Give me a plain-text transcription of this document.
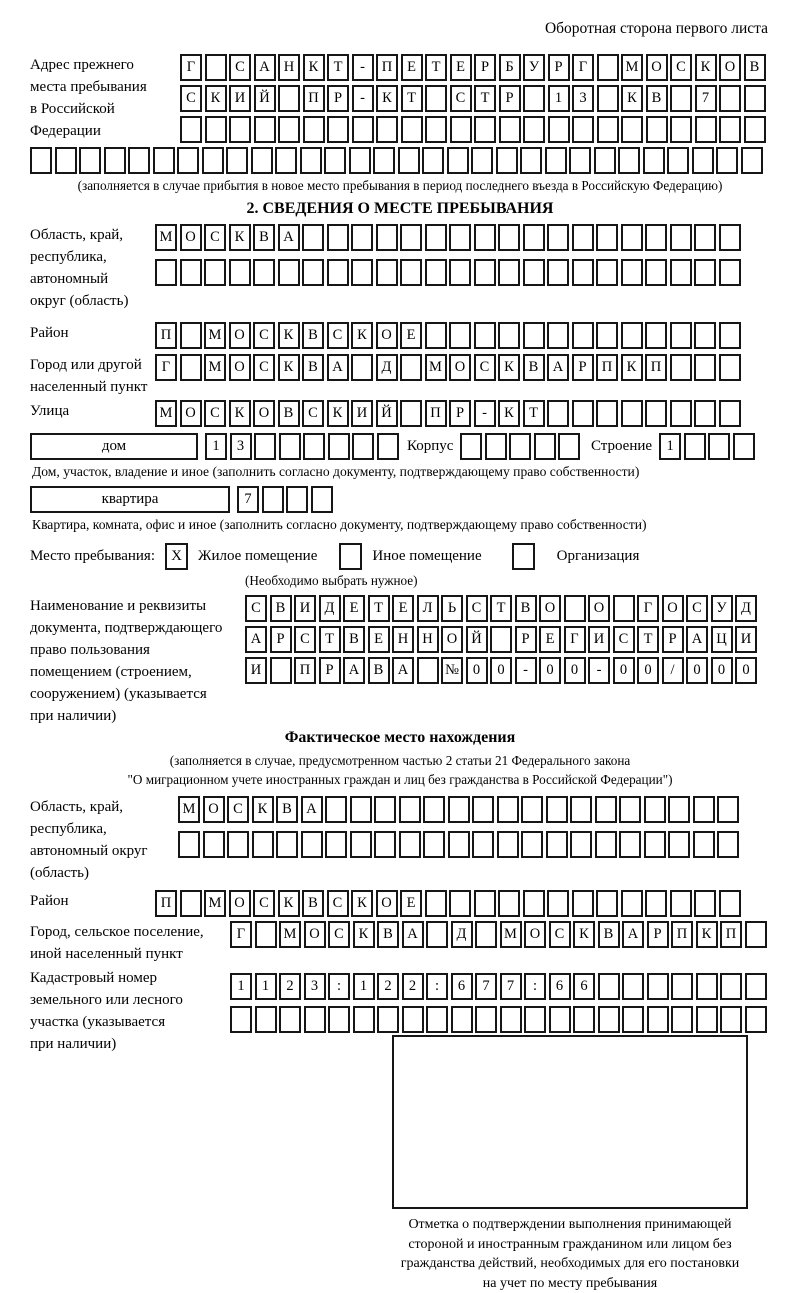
Оборотная сторона первого листа
Адрес прежнего
места пребывания
в Российской
Федерации
Г	С А Н К	Т	-	П	Е	Т	Е	Р	Б	У	Р	Г	М О С	К О В
С	К И Й	П	Р	-	К	Т	С	Т	Р	1	3	К	В	7
(заполняется в случае прибытия в новое место пребывания в период последнего въезда в Российскую Федерацию)
2. СВЕДЕНИЯ О МЕСТЕ ПРЕБЫВАНИЯ
Область, край,
республика,
автономный
округ (область)
М О С	К	В А
Район	П	М О С	К	В	С	К О	Е
Город или другой
населенный пункт
Г	М О С	К	В А	Д	М О С	К	В А	Р	П К П
Улица	М О С	К О В	С	К И Й	П	Р	-	К	Т
дом	1	3	Корпус	Строение 1
Дом, участок, владение и иное (заполнить согласно документу, подтверждающему право собственности)
квартира	7
Квартира, комната, офис и иное (заполнить согласно документу, подтверждающему право собственности)
Место пребывания:	X	Жилое помещение	Иное помещение	Организация
(Необходимо выбрать нужное)
Наименование и реквизиты
документа, подтверждающего
право пользования
помещением (строением,
сооружением) (указывается
при наличии)
С	В И Д	Е	Т	Е	Л	Ь	С	Т	В О	О	Г	О С	У Д
А	Р	С	Т	В	Е	Н Н О Й	Р	Е	Г	И С	Т	Р	А Ц И
И	П	Р	А В А	№ 0	0	-	0	0	-	0	0	/	0	0	0
Фактическое место нахождения
(заполняется в случае, предусмотренном частью 2 статьи 21 Федерального закона
"О миграционном учете иностранных граждан и лиц без гражданства в Российской Федерации")
Область, край,
республика,
автономный округ
(область)
М О С	К	В А
Район	П	М О С	К	В	С	К О	Е
Город, сельское поселение,
иной населенный пункт
Г	М О С	К	В А	Д	М О С	К	В А	Р	П К П
Кадастровый номер
земельного или лесного
участка (указывается
при наличии)
1	1	2	3	:	1	2	2	:	6	7	7	:	6	6
Отметка о подтверждении выполнения принимающей
стороной и иностранным гражданином или лицом без
гражданства действий, необходимых для его постановки
на учет по месту пребывания
